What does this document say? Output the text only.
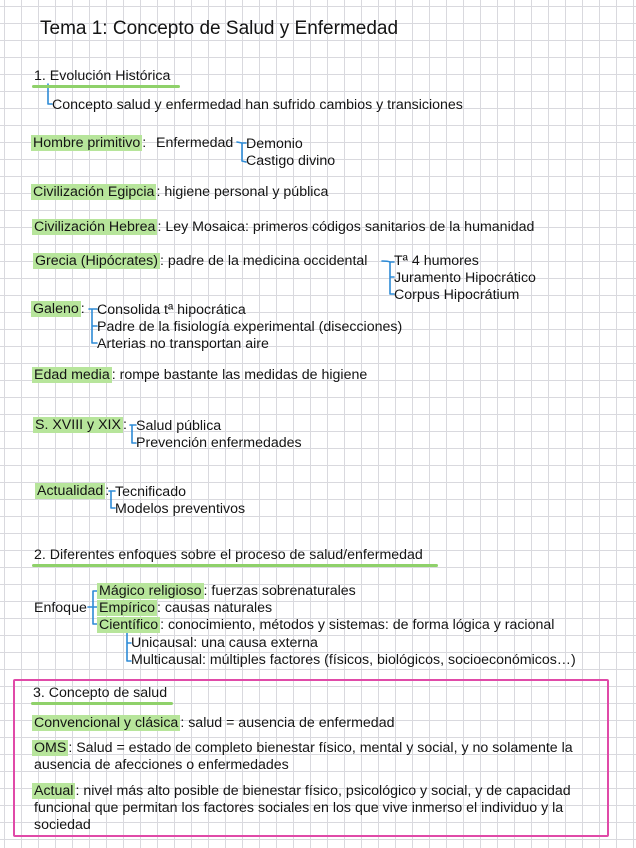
Tema 1: Concepto de Salud y Enfermedad
1. Evolución Histórica
Concepto salud y enfermedad han sufrido cambios y transiciones
Hombre primitivo : Enfermedad Demonio
Castigo divino
Civilización Egipcia : higiene personal y pública
Civilización Hebrea : Ley Mosaica: primeros códigos sanitarios de la humanidad
Grecia (Hipócrates) : padre de la medicina occidental Tª 4 humores
Juramento Hipocrático
Corpus Hipocrátium
Galeno : Consolida tª hipocrática
Padre de la fisiología experimental (disecciones)
Arterias no transportan aire
Edad media : rompe bastante las medidas de higiene
S. XVIII y XIX : Salud pública
Prevención enfermedades
Actualidad : Tecnificado
Modelos preventivos
2. Diferentes enfoques sobre el proceso de salud/enfermedad
Enfoque
Mágico religioso : fuerzas sobrenaturales
Empírico : causas naturales
Científico : conocimiento, métodos y sistemas: de forma lógica y racional
Unicausal: una causa externa
Multicausal: múltiples factores (físicos, biológicos, socioeconómicos…)
3. Concepto de salud
Convencional y clásica : salud = ausencia de enfermedad
OMS : Salud = estado de completo bienestar físico, mental y social, y no solamente la ausencia de afecciones o enfermedades
Actual : nivel más alto posible de bienestar físico, psicológico y social, y de capacidad funcional que permitan los factores sociales en los que vive inmerso el individuo y la sociedad
